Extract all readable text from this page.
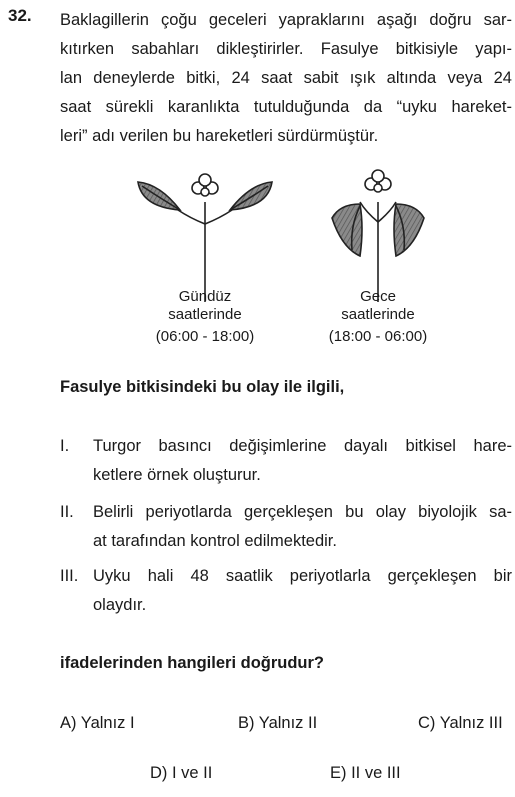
32. Baklagillerin çoğu geceleri yapraklarını aşağı doğru sar-
kıtırken sabahları dikleştirirler. Fasulye bitkisiyle yapı-
lan deneylerde bitki, 24 saat sabit ışık altında veya 24
saat sürekli karanlıkta tutulduğunda da “uyku hareket-
leri” adı verilen bu hareketleri sürdürmüştür.
Gündüz
saatlerinde
(06:00 - 18:00)
Gece
saatlerinde
(18:00 - 06:00)
Fasulye bitkisindeki bu olay ile ilgili,
I. Turgor basıncı değişimlerine dayalı bitkisel hare-
ketlere örnek oluşturur.
II. Belirli periyotlarda gerçekleşen bu olay biyolojik sa-
at tarafından kontrol edilmektedir.
III. Uyku hali 48 saatlik periyotlarla gerçekleşen bir
olaydır.
ifadelerinden hangileri doğrudur?
A) Yalnız I	B) Yalnız II	C) Yalnız III
D) I ve II	E) II ve III
